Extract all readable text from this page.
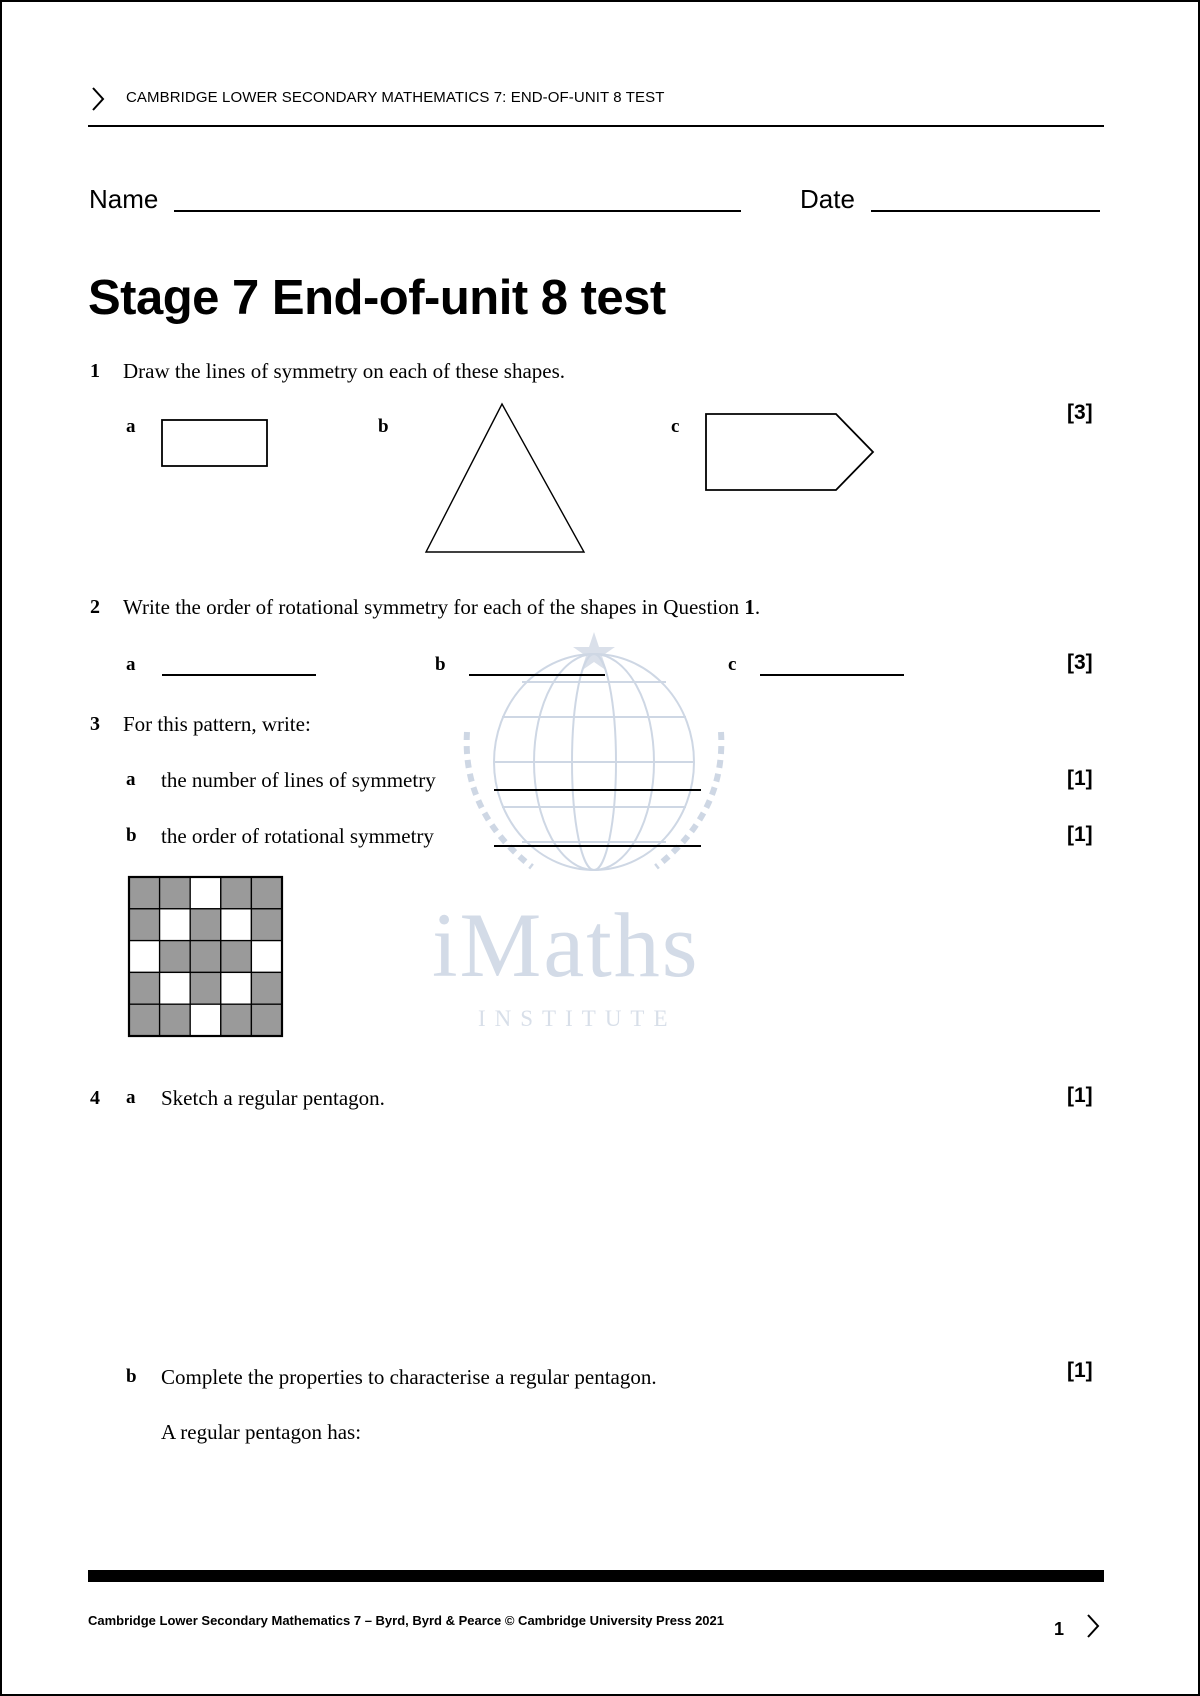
CAMBRIDGE LOWER SECONDARY MATHEMATICS 7: END-OF-UNIT 8 TEST
Name	Date
Stage 7 End-of-unit 8 test
iMaths
INSTITUTE
1 Draw the lines of symmetry on each of these shapes.
[3]
a	b	c
2 Write the order of rotational symmetry for each of the shapes in Question 1.
[3]
a	b	c
3 For this pattern, write:
a the number of lines of symmetry	[1]
b the order of rotational symmetry	[1]
4 a Sketch a regular pentagon.	[1]
b Complete the properties to characterise a regular pentagon.	[1]
A regular pentagon has:
Cambridge Lower Secondary Mathematics 7 – Byrd, Byrd & Pearce © Cambridge University Press 2021	1
